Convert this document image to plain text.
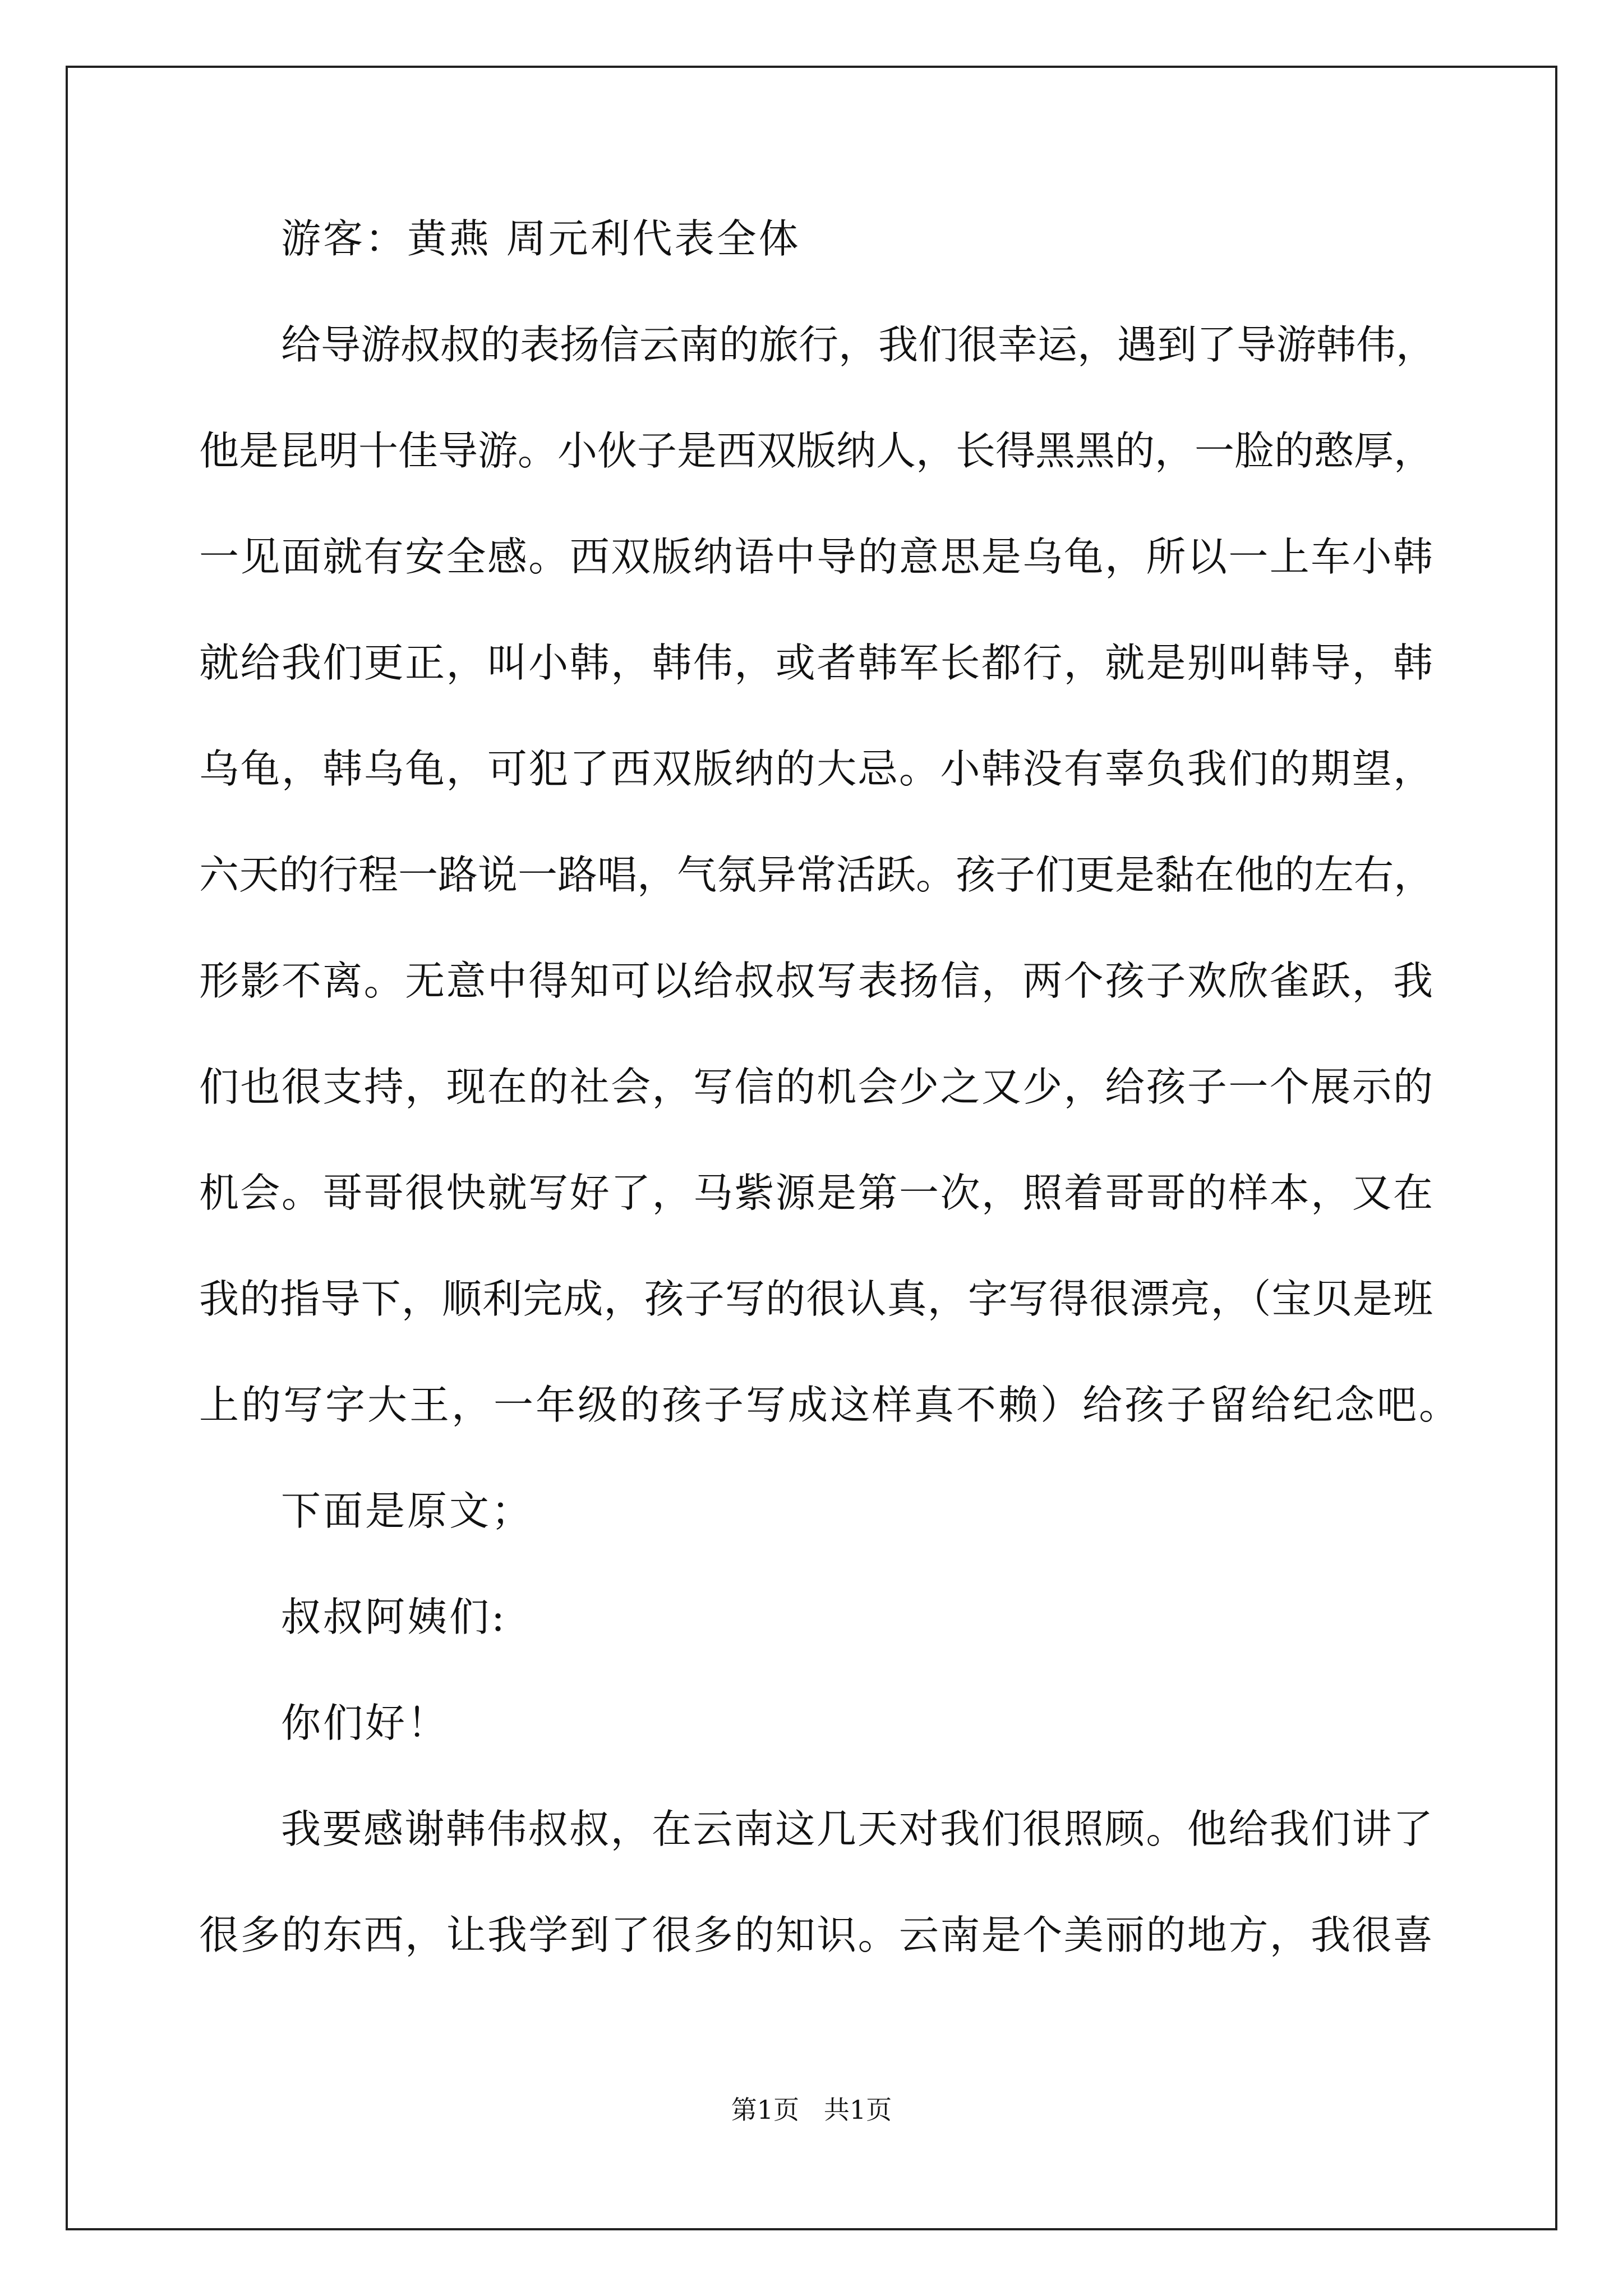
游客：黄燕 周元利代表全体
给导游叔叔的表扬信云南的旅行，我们很幸运，遇到了导游韩伟，
他是昆明十佳导游。小伙子是西双版纳人，长得黑黑的，一脸的憨厚，
一见面就有安全感。西双版纳语中导的意思是乌龟，所以一上车小韩
就给我们更正，叫小韩，韩伟，或者韩军长都行，就是别叫韩导，韩
乌龟，韩乌龟，可犯了西双版纳的大忌。小韩没有辜负我们的期望，
六天的行程一路说一路唱，气氛异常活跃。孩子们更是黏在他的左右，
形影不离。无意中得知可以给叔叔写表扬信，两个孩子欢欣雀跃，我
们也很支持，现在的社会，写信的机会少之又少，给孩子一个展示的
机会。哥哥很快就写好了，马紫源是第一次，照着哥哥的样本，又在
我的指导下，顺利完成，孩子写的很认真，字写得很漂亮，（宝贝是班
上的写字大王，一年级的孩子写成这样真不赖）给孩子留给纪念吧。
下面是原文；
叔叔阿姨们:
你们好！
我要感谢韩伟叔叔，在云南这几天对我们很照顾。他给我们讲了
很多的东西，让我学到了很多的知识。云南是个美丽的地方，我很喜
第1页   共1页
